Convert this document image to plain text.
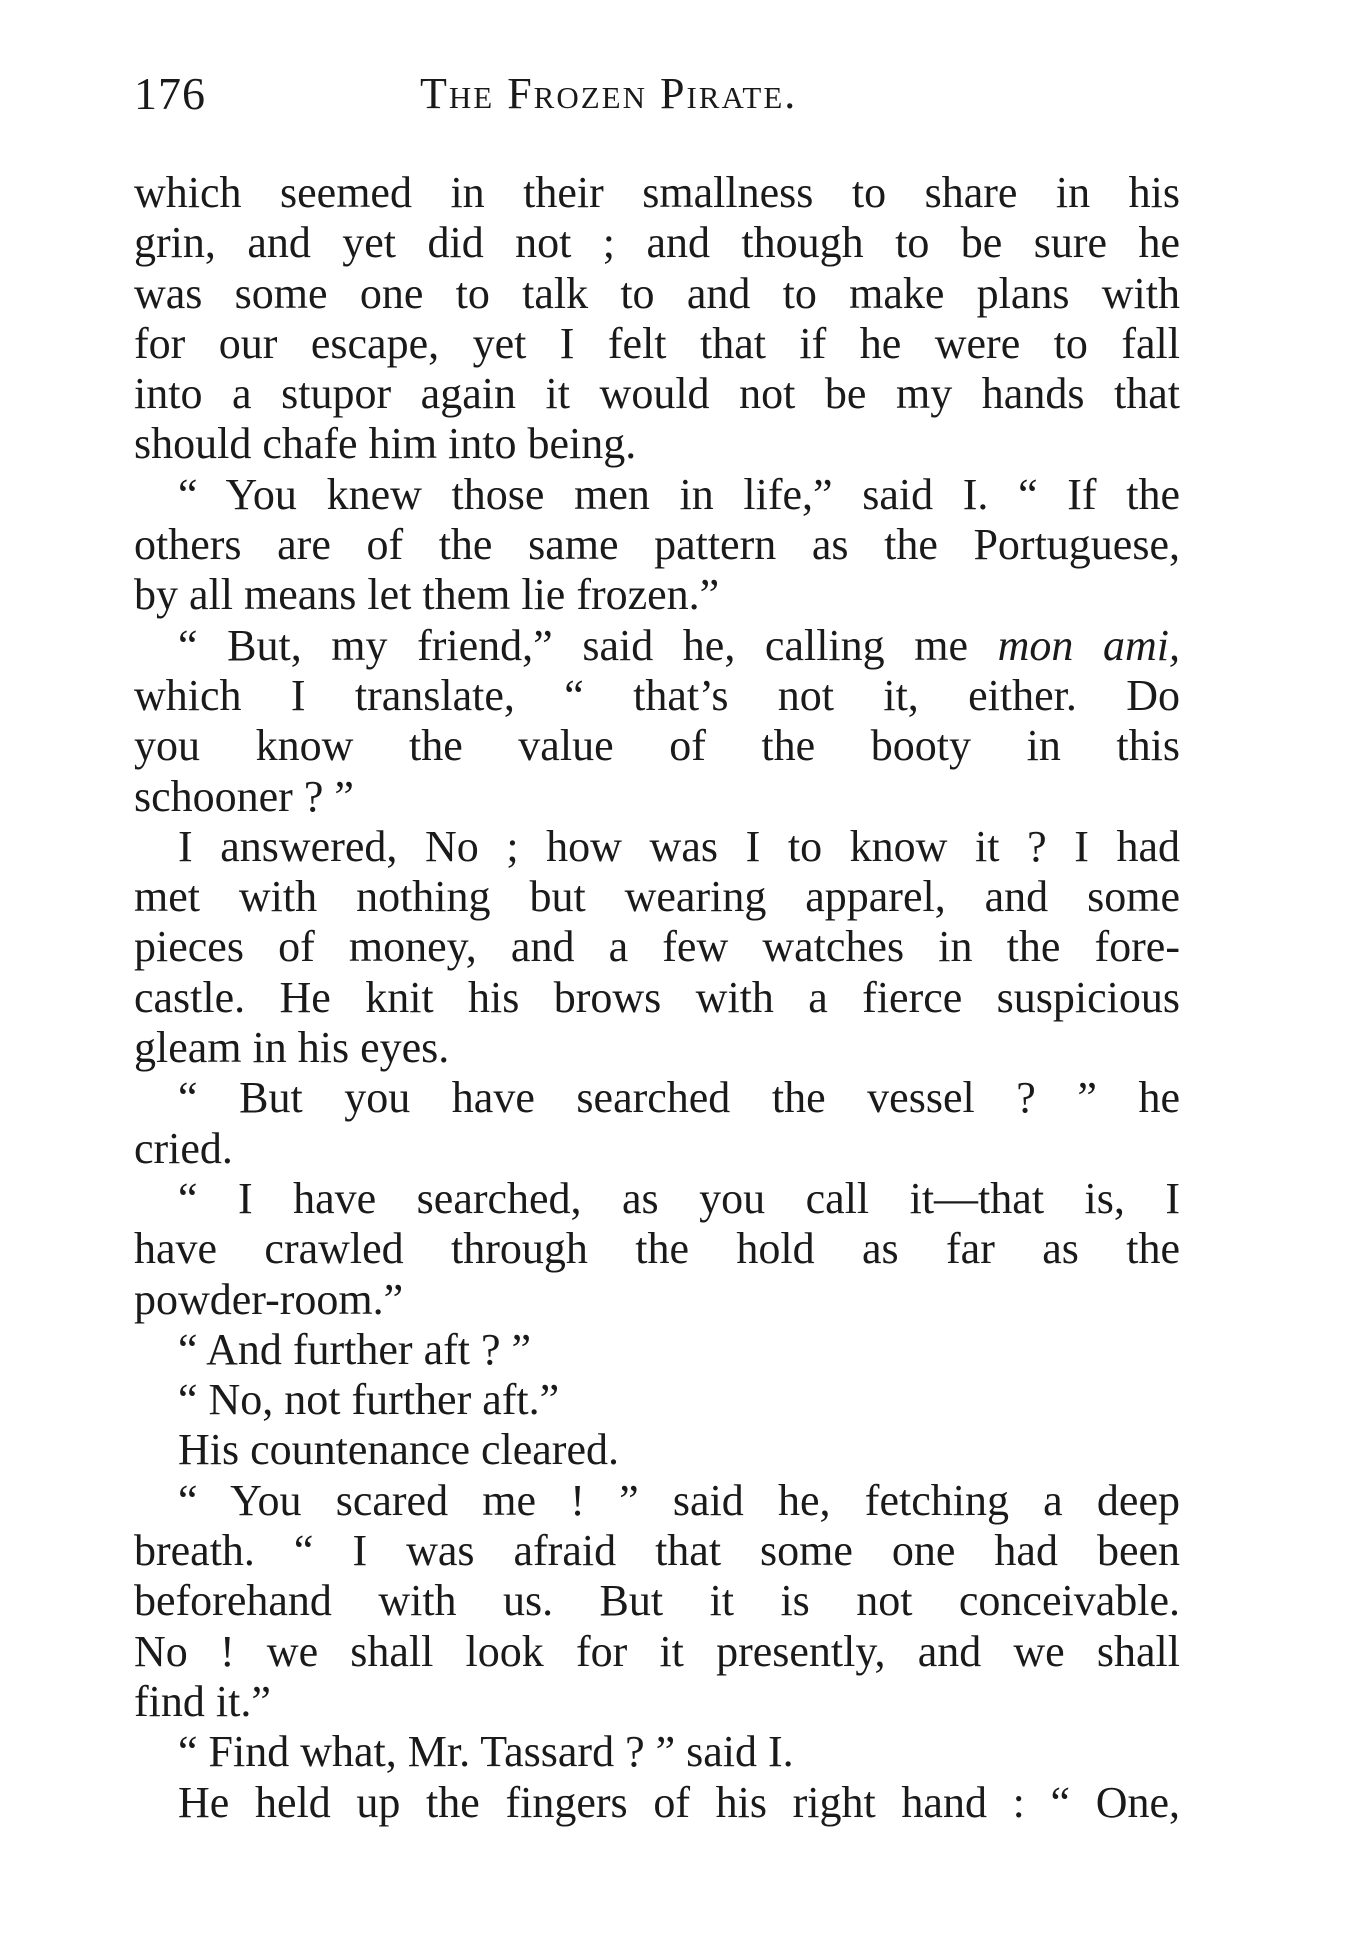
176	The Frozen Pirate.
which seemed in their smallness to share in his
grin, and yet did not ; and though to be sure he
was some one to talk to and to make plans with
for our escape, yet I felt that if he were to fall
into a stupor again it would not be my hands that
should chafe him into being.
“ You knew those men in life,” said I. “ If the
others are of the same pattern as the Portuguese,
by all means let them lie frozen.”
“ But, my friend,” said he, calling me mon ami,
which I translate, “ that’s not it, either. Do
you know the value of the booty in this
schooner ? ”
I answered, No ; how was I to know it ? I had
met with nothing but wearing apparel, and some
pieces of money, and a few watches in the fore-
castle. He knit his brows with a fierce suspicious
gleam in his eyes.
“ But you have searched the vessel ? ” he
cried.
“ I have searched, as you call it—that is, I
have crawled through the hold as far as the
powder-room.”
“ And further aft ? ”
“ No, not further aft.”
His countenance cleared.
“ You scared me ! ” said he, fetching a deep
breath. “ I was afraid that some one had been
beforehand with us. But it is not conceivable.
No ! we shall look for it presently, and we shall
find it.”
“ Find what, Mr. Tassard ? ” said I.
He held up the fingers of his right hand : “ One,
